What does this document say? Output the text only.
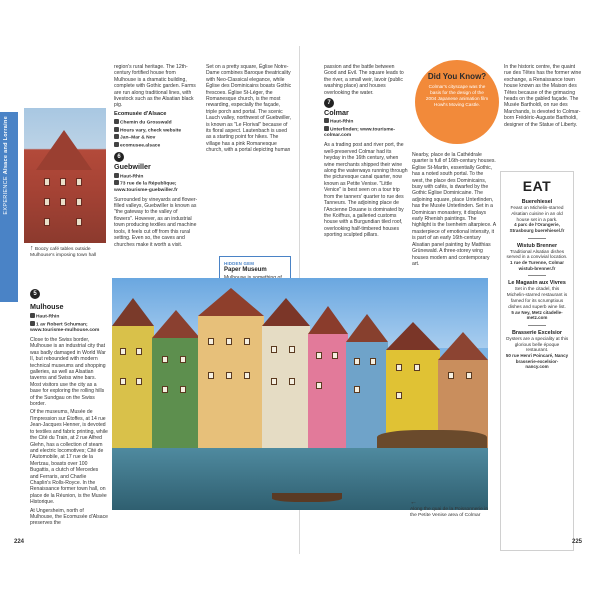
EXPERIENCE Alsace and Lorraine
↑ Boozy café tables outside Mulhouse's imposing town hall
5
Mulhouse
Haut-Rhin
1 av Robert Schuman; www.tourisme-mulhouse.com

Close to the Swiss border, Mulhouse is an industrial city that was badly damaged in World War II, but rebounded with modern technical museums and shopping galleries, as well as Alsatian taverns and Swiss wine bars. Most visitors use the city as a base for exploring the rolling hills of the Sundgau on the Swiss border.

Of the museums, Musée de l'Impression sur Étoffes, at 14 rue Jean-Jacques Henner, is devoted to textiles and fabric printing, while the Cité du Train, at 2 rue Alfred Glehn, has a collection of steam and electric locomotives; Cité de l'Automobile, at 17 rue de la Mertzau, boasts over 100 Bugattis, a clutch of Mercedes and Ferraris, and Charlie Chaplin's Rolls-Royce. In the Renaissance former town hall, on place de la Réunion, is the Musée Historique.

At Ungersheim, north of Mulhouse, the Ecomusée d'Alsace preserves the

region's rural heritage. The 12th-century fortified house from Mulhouse is a dramatic building, complete with Gothic garden. Farms are run along traditional lines, with livestock such as the Alsatian black pig.

Ecomusée d'Alsace
Chemin du Grosswald
Hours vary, check website
Jan–Mar & Nov
ecomusee.alsace
6
Guebwiller
Haut-Rhin
73 rue de la République; www.tourisme-guebwiller.fr

Surrounded by vineyards and flower-filled valleys, Guebwiller is known as "the gateway to the valley of flowers". However, as an industrial town producing textiles and machine tools, it feels cut off from this rural setting. Even so, the caves and churches make it worth a visit.

Set on a pretty square, Église Notre-Dame combines Baroque theatricality with Neo-Classical elegance, while Église des Dominicains boasts Gothic frescoes. Église St-Léger, the Romanesque church, is the most rewarding, especially the façade, triple porch and portal. The scenic Lauch valley, northwest of Guebwiller, is known as "Le Florival" because of its floral aspect. Lautenbach is used as a starting point for hikes. The village has a pink Romanesque church, with a portal depicting human

HIDDEN GEM
Paper Museum
224

passion and the battle between Good and Evil. The square leads to the river, a small weir, lavoir (public washing place) and houses overlooking the water.

7
Colmar
Haut-Rhin
Unterlinden; www.tourisme-colmar.com

As a trading post and river port, the well-preserved Colmar had its heyday in the 16th century, when wine merchants shipped their wine along the waterways running through the picturesque canal quarter, now known as Petite Venise. "Little Venice" is best seen on a tour trip from the tanners' quarter to rue des Tanneurs. The adjoining place de l'Ancienne Douane is dominated by the Koïfhus, a galleried customs house with a Burgundian tiled roof, overlooking half-timbered houses sporting sculpted pillars.

Did You Know?
Colmar's cityscape was the basis for the design of the 2004 Japanese animation film Howl's Moving Castle.

Nearby, place de la Cathédrale quarter is full of 16th-century houses. Église St-Martin, essentially Gothic, has a noted south portal. To the west, the place des Dominicains, busy with cafés, is dwarfed by the Gothic Église Dominicaine. The adjoining square, place Unterlinden, has the Musée Unterlinden. Set in a Dominican monastery, it displays early Rhenish paintings. The highlight is the Isenheim altarpiece. A masterpiece of emotional intensity, it is part of an early 16th-century Alsatian panel painting by Matthias Grünewald. A three-storey wing houses modern and contemporary art.

In the historic centre, the quaint rue des Têtes has the former wine exchange, a Renaissance town house known as the Maison des Têtes because of the grimacing heads on the gabled façade. The Musée Bartholdi, on rue des Marchands, is devoted to Colmar-born Frédéric-Auguste Bartholdi, designer of the Statue of Liberty.

EAT
Buerehiesel
Feast on Michelin-starred Alsatian cuisine in an old house set in a park.
4 parc de l'Orangerie, Strasbourg buerehiesel.fr
Wistub Brenner
Traditional Alsatian dishes served in a convivial location.
1 rue de Turenne, Colmar wistub-brenner.fr
Le Magasin aux Vivres
Set in the citadel, this Michelin-starred restaurant is famed for its scrumptious dishes and superb wine list.
5 av Ney, Metz citadelle-metz.com
Brasserie Excelsior
Oysters are a speciality at this glorious belle époque restaurant.
50 rue Henri Poincaré, Nancy brasserie-excelsior-nancy.com
225
←
Along the quai de la Poissonnerie in the Petite Venise area of Colmar
